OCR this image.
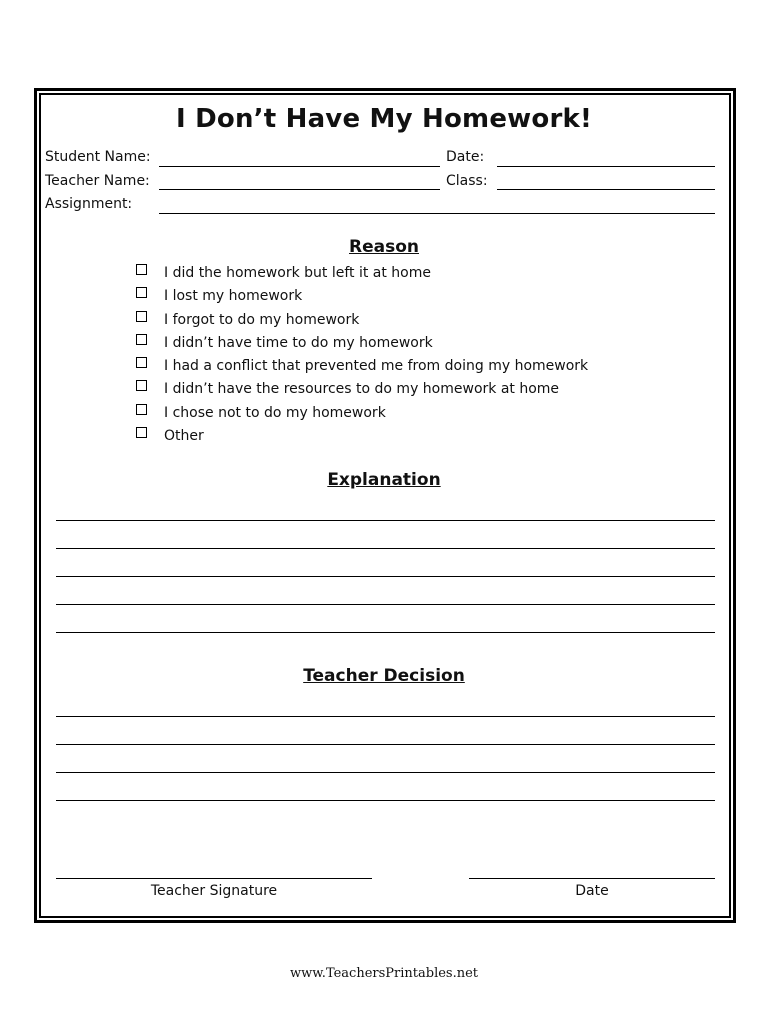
I Don’t Have My Homework!
Student Name:	Date:
Teacher Name:	Class:
Assignment:
Reason
I did the homework but left it at home
I lost my homework
I forgot to do my homework
I didn’t have time to do my homework
I had a conflict that prevented me from doing my homework
I didn’t have the resources to do my homework at home
I chose not to do my homework
Other
Explanation
Teacher Decision
Teacher Signature	Date
www.TeachersPrintables.net
